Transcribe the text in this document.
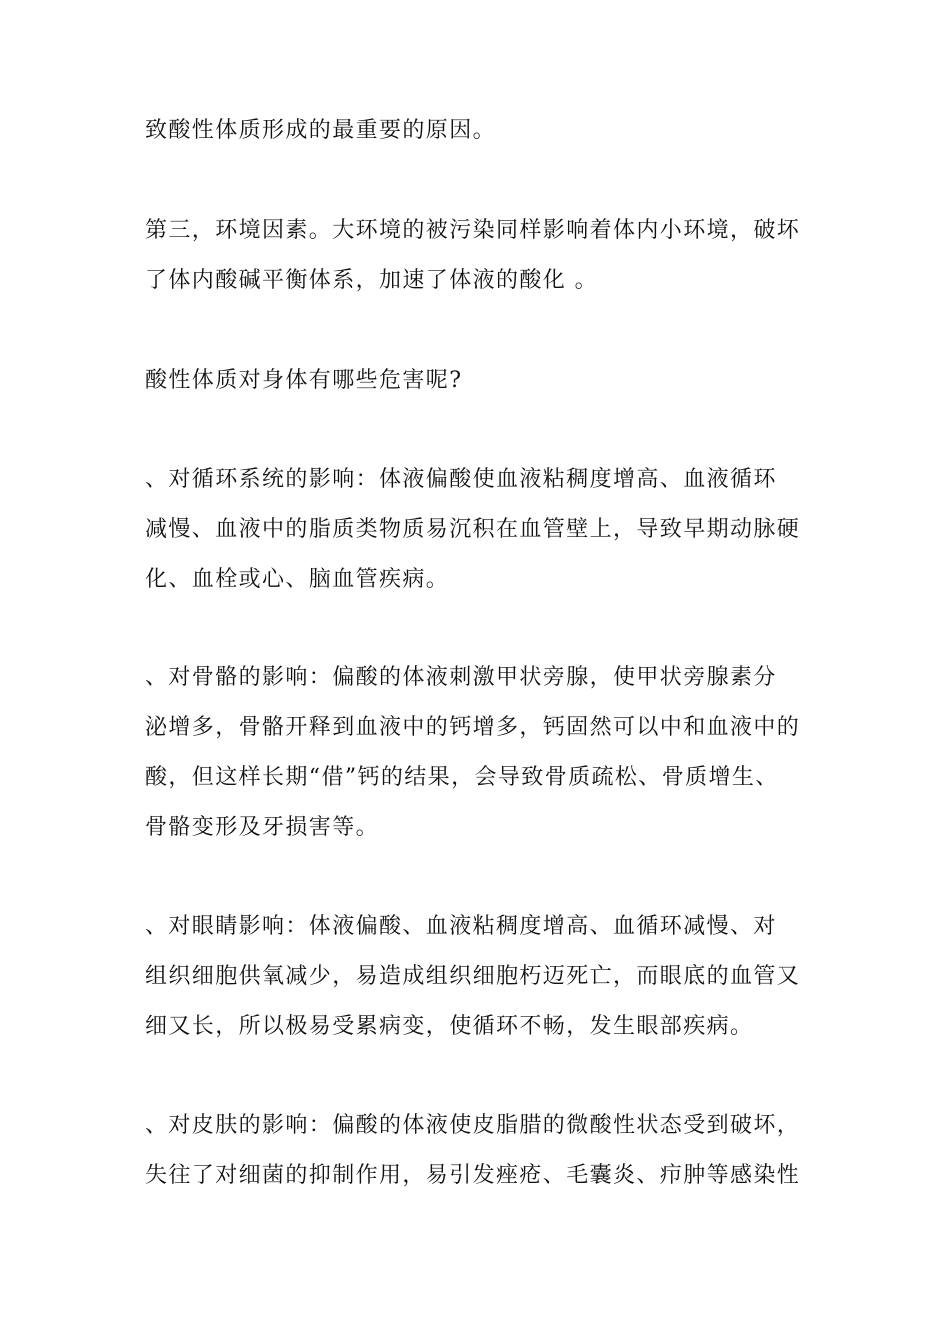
致酸性体质形成的最重要的原因。
第三，环境因素。大环境的被污染同样影响着体内小环境，破坏
了体内酸碱平衡体系，加速了体液的酸化 。
酸性体质对身体有哪些危害呢?
、对循环系统的影响：体液偏酸使血液粘稠度增高、血液循环
减慢、血液中的脂质类物质易沉积在血管壁上，导致早期动脉硬
化、血栓或心、脑血管疾病。
、对骨骼的影响：偏酸的体液刺激甲状旁腺，使甲状旁腺素分
泌增多，骨骼开释到血液中的钙增多，钙固然可以中和血液中的
酸，但这样长期“借”钙的结果，会导致骨质疏松、骨质增生、
骨骼变形及牙损害等。
、对眼睛影响：体液偏酸、血液粘稠度增高、血循环减慢、对
组织细胞供氧减少，易造成组织细胞朽迈死亡，而眼底的血管又
细又长，所以极易受累病变，使循环不畅，发生眼部疾病。
、对皮肤的影响：偏酸的体液使皮脂腊的微酸性状态受到破坏，
失往了对细菌的抑制作用，易引发痤疮、毛囊炎、疖肿等感染性
